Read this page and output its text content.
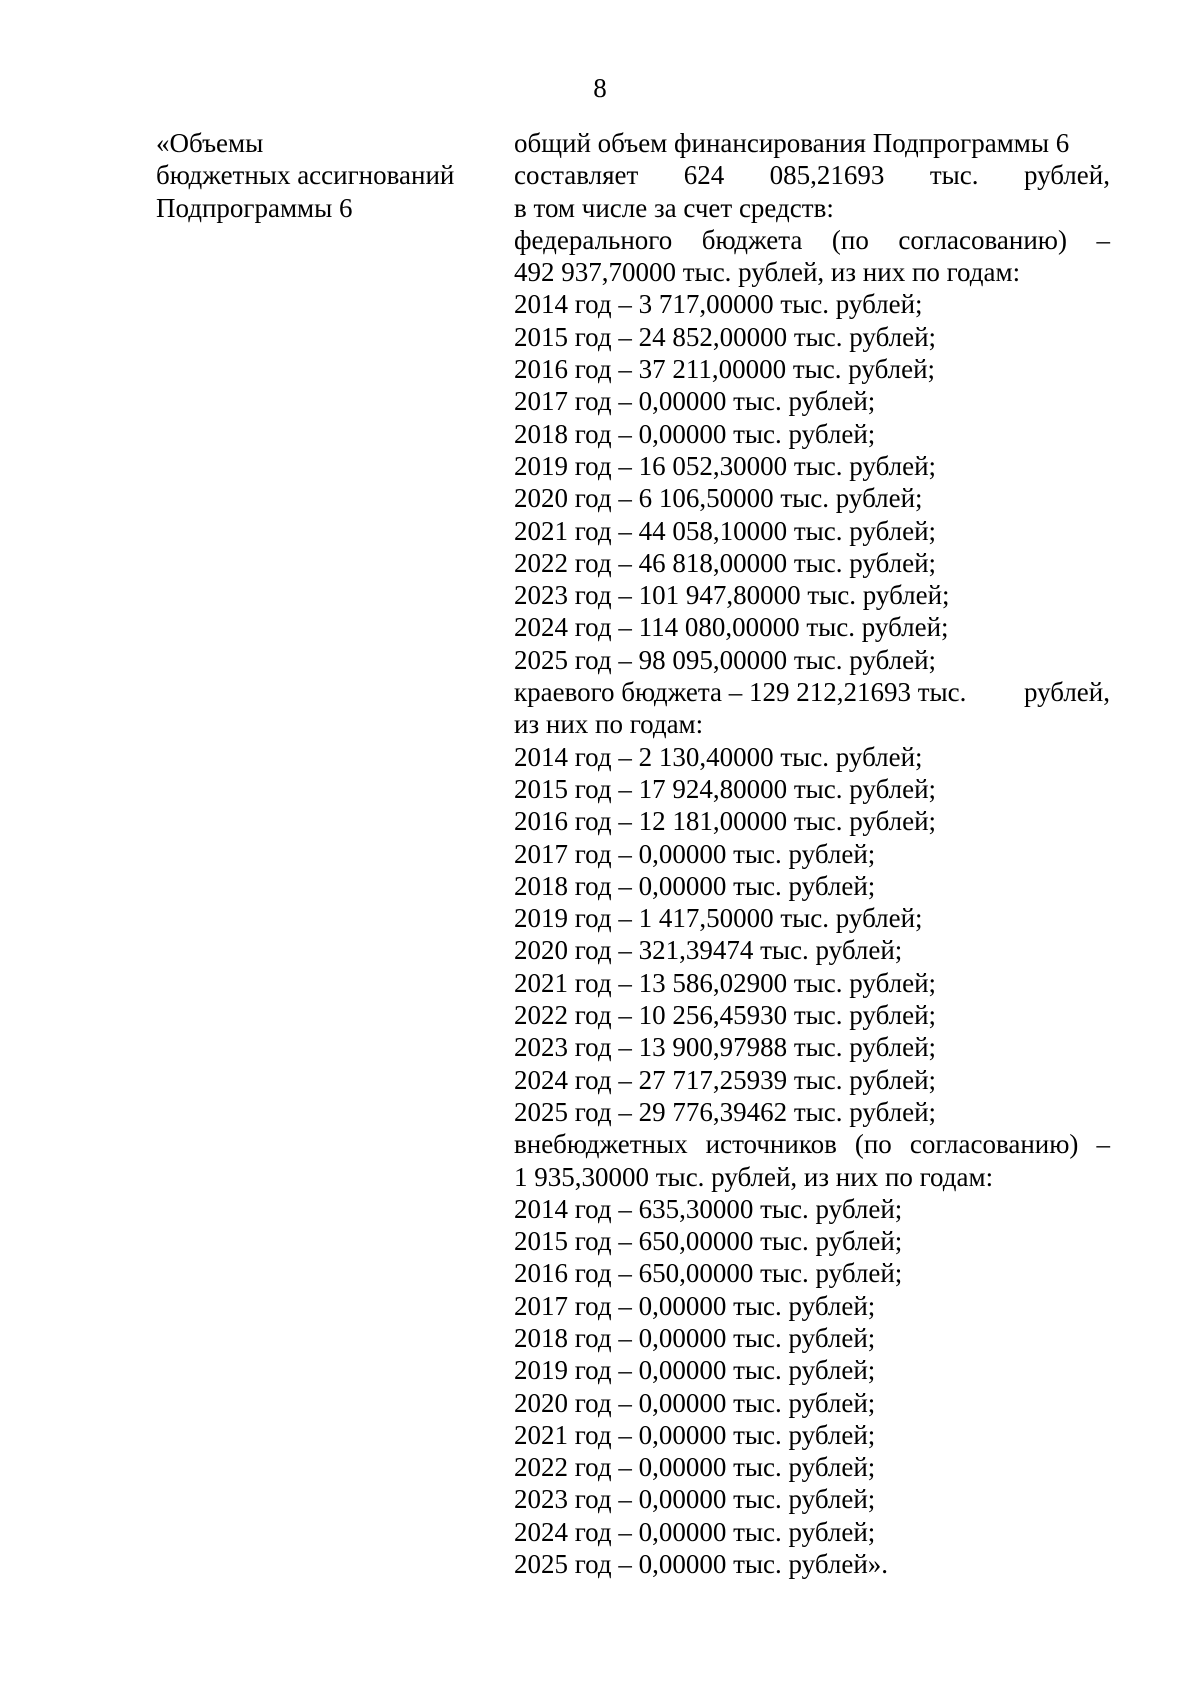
8
«Объемы
бюджетных ассигнований
Подпрограммы 6
общий объем финансирования Подпрограммы 6
составляет 624 085,21693 тыс. рублей,
в том числе за счет средств:
федерального бюджета (по согласованию) –
492 937,70000 тыс. рублей, из них по годам:
2014 год – 3 717,00000 тыс. рублей;
2015 год – 24 852,00000 тыс. рублей;
2016 год – 37 211,00000 тыс. рублей;
2017 год – 0,00000 тыс. рублей;
2018 год – 0,00000 тыс. рублей;
2019 год – 16 052,30000 тыс. рублей;
2020 год – 6 106,50000 тыс. рублей;
2021 год – 44 058,10000 тыс. рублей;
2022 год – 46 818,00000 тыс. рублей;
2023 год – 101 947,80000 тыс. рублей;
2024 год – 114 080,00000 тыс. рублей;
2025 год – 98 095,00000 тыс. рублей;
краевого бюджета – 129 212,21693 тыс. рублей,
из них по годам:
2014 год – 2 130,40000 тыс. рублей;
2015 год – 17 924,80000 тыс. рублей;
2016 год – 12 181,00000 тыс. рублей;
2017 год – 0,00000 тыс. рублей;
2018 год – 0,00000 тыс. рублей;
2019 год – 1 417,50000 тыс. рублей;
2020 год – 321,39474 тыс. рублей;
2021 год – 13 586,02900 тыс. рублей;
2022 год – 10 256,45930 тыс. рублей;
2023 год – 13 900,97988 тыс. рублей;
2024 год – 27 717,25939 тыс. рублей;
2025 год – 29 776,39462 тыс. рублей;
внебюджетных источников (по согласованию) –
1 935,30000 тыс. рублей, из них по годам:
2014 год – 635,30000 тыс. рублей;
2015 год – 650,00000 тыс. рублей;
2016 год – 650,00000 тыс. рублей;
2017 год – 0,00000 тыс. рублей;
2018 год – 0,00000 тыс. рублей;
2019 год – 0,00000 тыс. рублей;
2020 год – 0,00000 тыс. рублей;
2021 год – 0,00000 тыс. рублей;
2022 год – 0,00000 тыс. рублей;
2023 год – 0,00000 тыс. рублей;
2024 год – 0,00000 тыс. рублей;
2025 год – 0,00000 тыс. рублей».
